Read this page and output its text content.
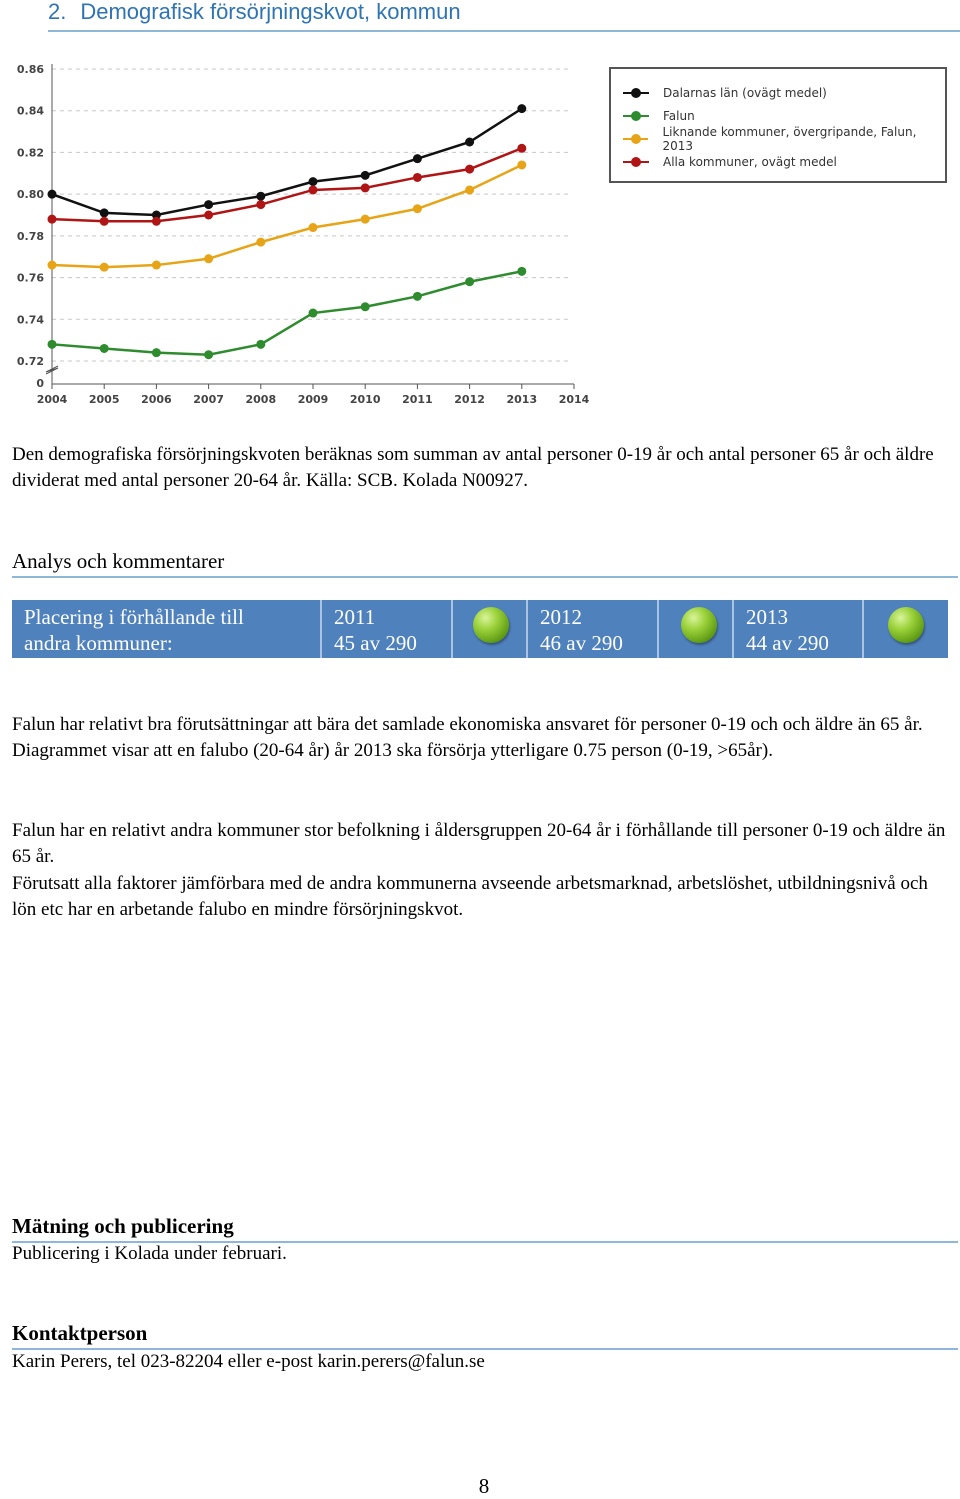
2. Demografisk försörjningskvot, kommun
0.86
0.84
0.82
0.80
0.78
0.76
0.74
0.72
0
2004 2005 2006 2007 2008 2009 2010 2011 2012 2013 2014
Dalarnas län (ovägt medel)
Falun
Liknande kommuner, övergripande, Falun, 2013
Alla kommuner, ovägt medel
Den demografiska försörjningskvoten beräknas som summan av antal personer 0-19 år och antal personer 65 år och äldre dividerat med antal personer 20-64 år. Källa: SCB. Kolada N00927.
Analys och kommentarer
Placering i förhållande till
andra kommuner:
2011
45 av 290
2012
46 av 290
2013
44 av 290
Falun har relativt bra förutsättningar att bära det samlade ekonomiska ansvaret för personer 0-19 och och äldre än 65 år. Diagrammet visar att en falubo (20-64 år) år 2013 ska försörja ytterligare 0.75 person (0-19, >65år).
Falun har en relativt andra kommuner stor befolkning i åldersgruppen 20-64 år i förhållande till personer 0-19 och äldre än 65 år.
Förutsatt alla faktorer jämförbara med de andra kommunerna avseende arbetsmarknad, arbetslöshet, utbildningsnivå och lön etc har en arbetande falubo en mindre försörjningskvot.
Mätning och publicering
Publicering i Kolada under februari.
Kontaktperson
Karin Perers, tel 023-82204 eller e-post karin.perers@falun.se
8
